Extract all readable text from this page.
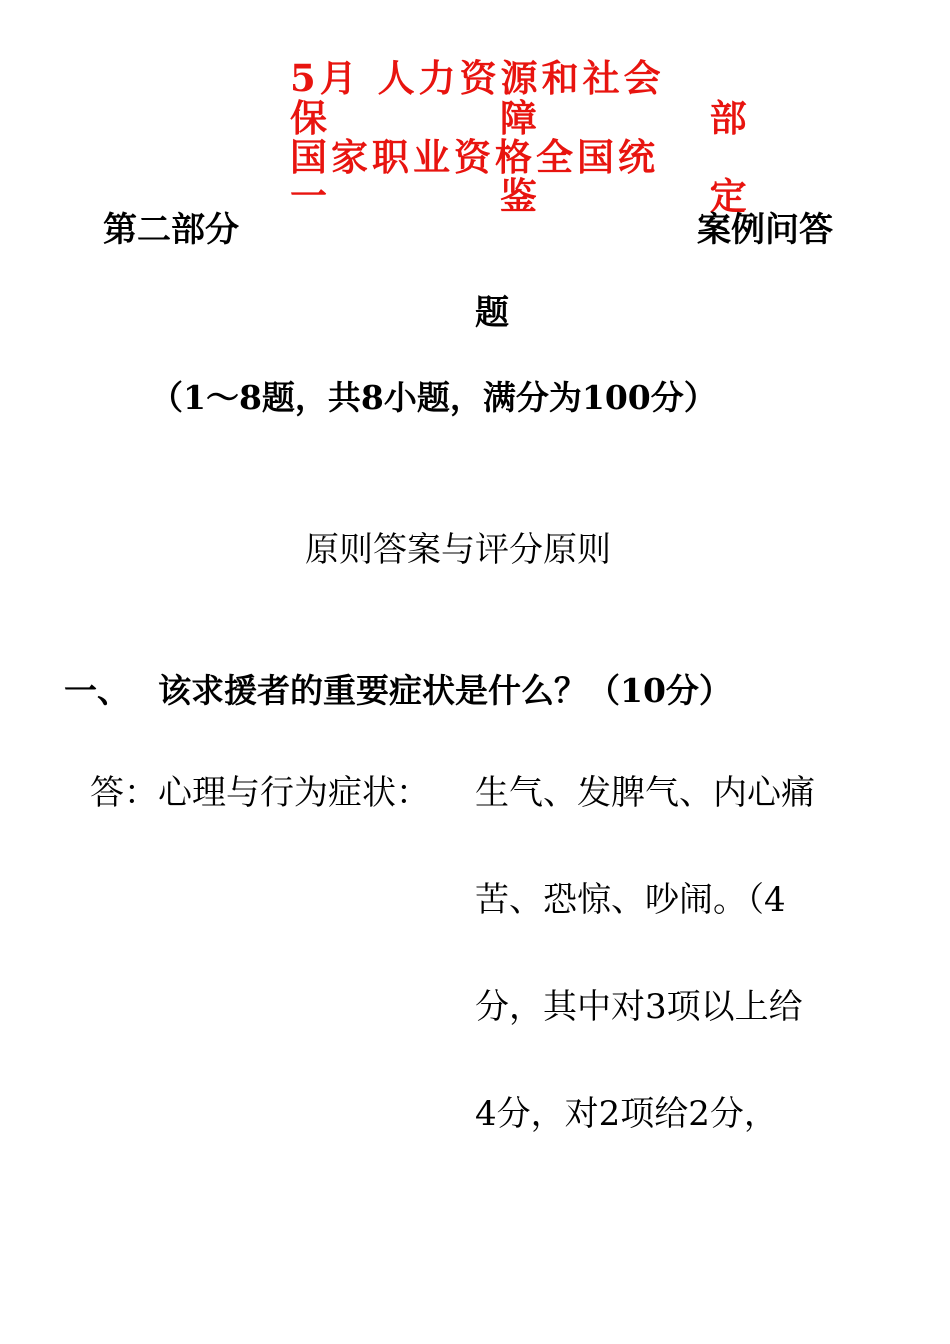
5月 人力资源和社会
保          障          部
国家职业资格全国统
一          鉴          定
第二部分	案例问答
题
（1～8题，共8小题，满分为100分）
原则答案与评分原则
一、 该求援者的重要症状是什么？（10分）
答：心理与行为症状： 生气、发脾气、内心痛
苦、恐惊、吵闹。（4
分，其中对3项以上给
4分，对2项给2分，
